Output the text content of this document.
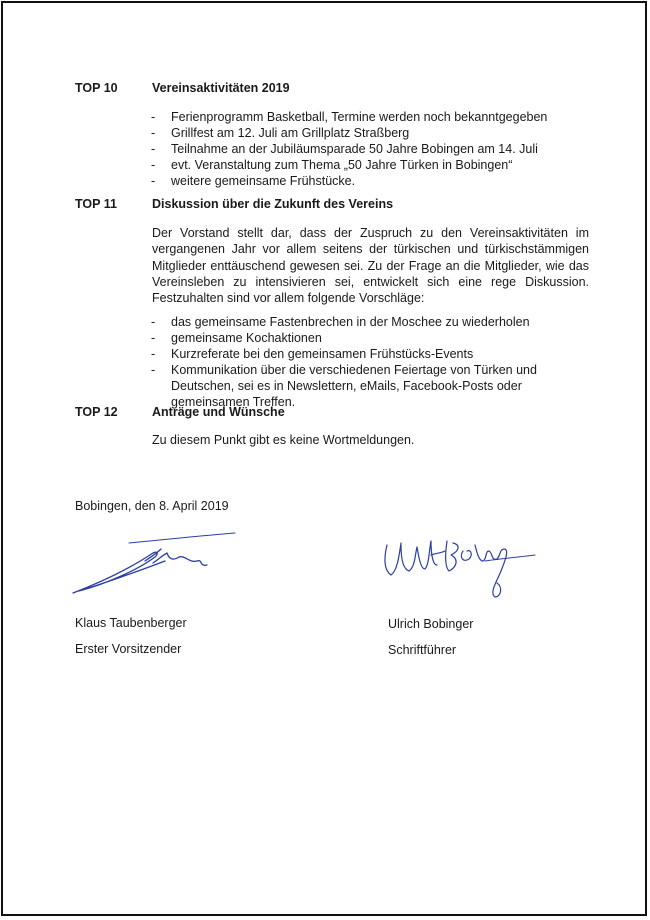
TOP 10	Vereinsaktivitäten 2019
- Ferienprogramm Basketball, Termine werden noch bekanntgegeben
- Grillfest am 12. Juli am Grillplatz Straßberg
- Teilnahme an der Jubiläumsparade 50 Jahre Bobingen am 14. Juli
- evt. Veranstaltung zum Thema „50 Jahre Türken in Bobingen“
- weitere gemeinsame Frühstücke.
TOP 11	Diskussion über die Zukunft des Vereins

Der Vorstand stellt dar, dass der Zuspruch zu den Vereinsaktivitäten im vergangenen Jahr vor allem seitens der türkischen und türkischstämmigen Mitglieder enttäuschend gewesen sei. Zu der Frage an die Mitglieder, wie das Vereinsleben zu intensivieren sei, entwickelt sich eine rege Diskussion. Festzuhalten sind vor allem folgende Vorschläge:

- das gemeinsame Fastenbrechen in der Moschee zu wiederholen
- gemeinsame Kochaktionen
- Kurzreferate bei den gemeinsamen Frühstücks-Events
- Kommunikation über die verschiedenen Feiertage von Türken und Deutschen, sei es in Newslettern, eMails, Facebook-Posts oder gemeinsamen Treffen.
TOP 12	Anträge und Wünsche
Zu diesem Punkt gibt es keine Wortmeldungen.
Bobingen, den 8. April 2019
Klaus Taubenberger
Erster Vorsitzender
Ulrich Bobinger
Schriftführer
